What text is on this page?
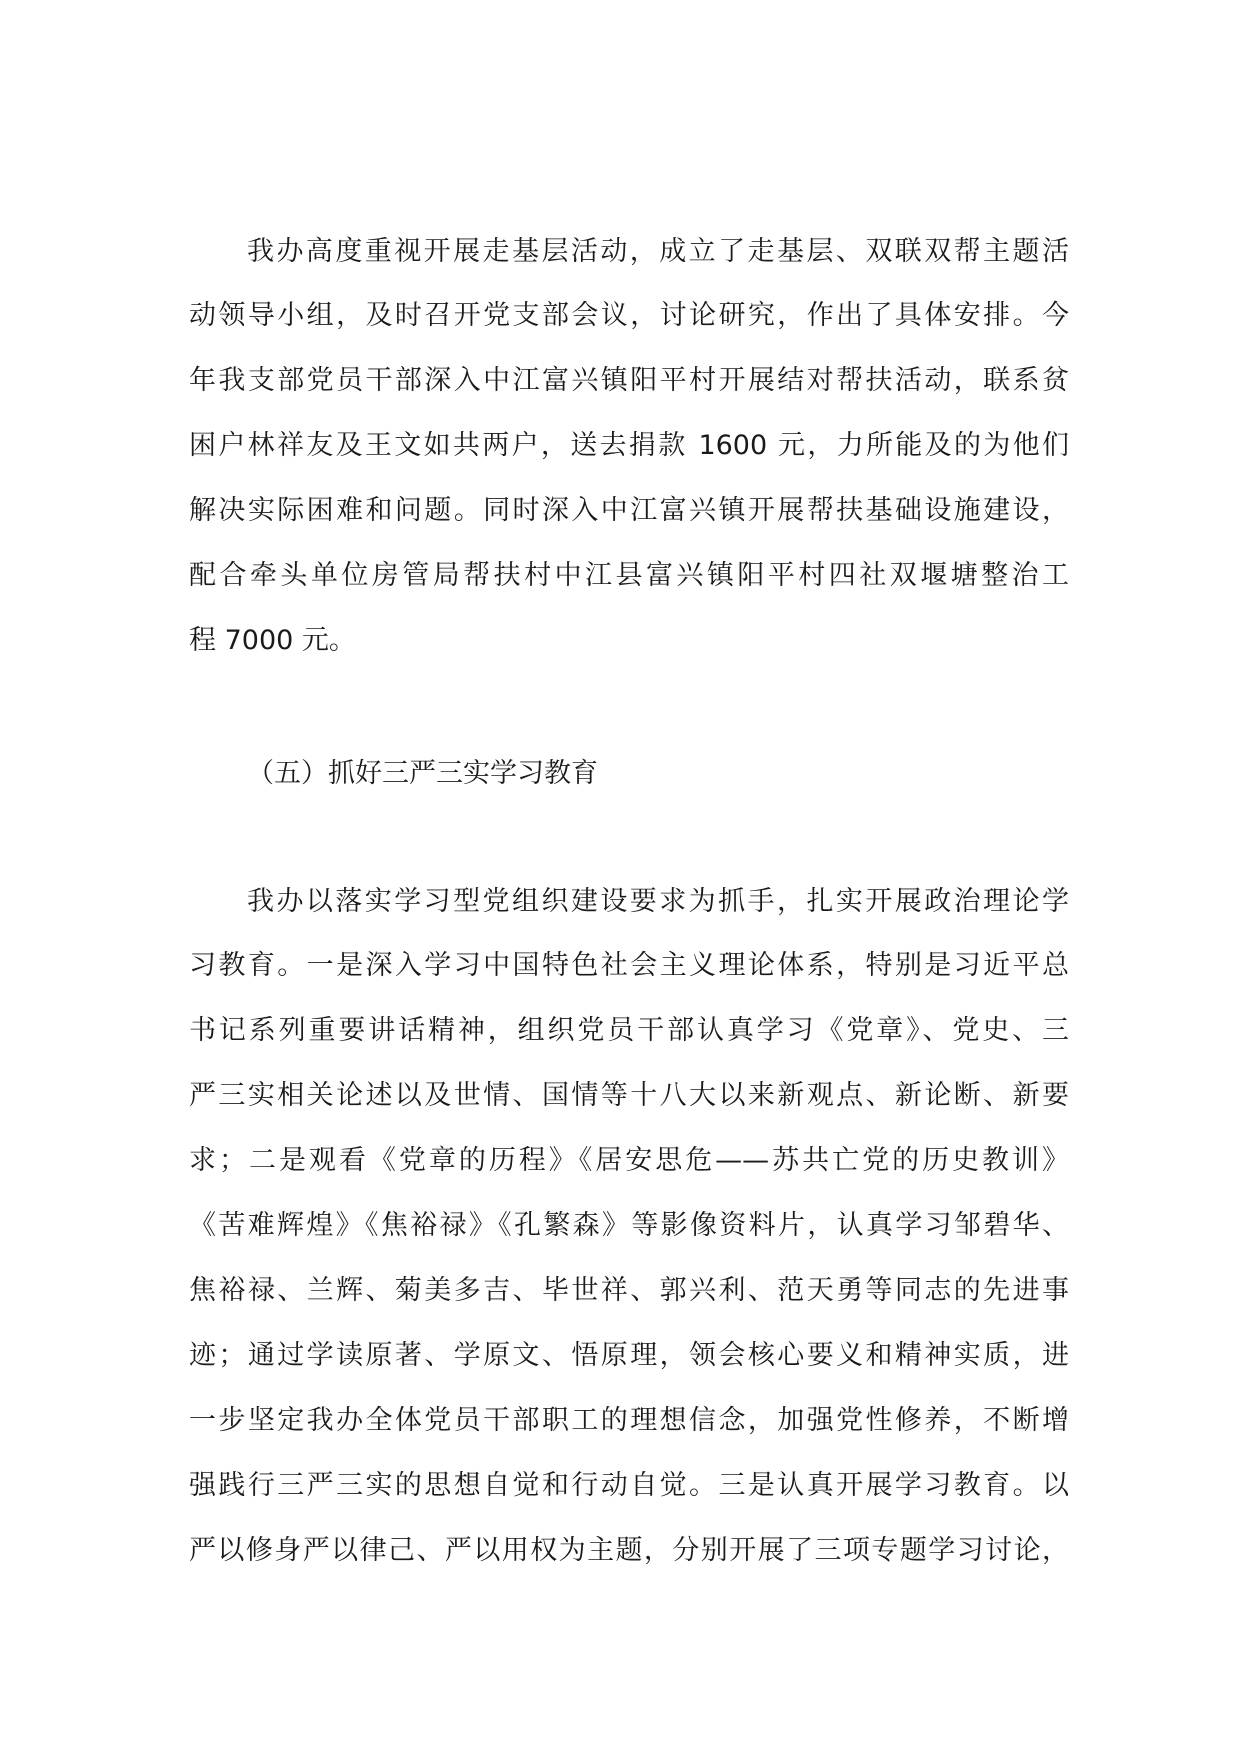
我办高度重视开展走基层活动，成立了走基层、双联双帮主题活
动领导小组，及时召开党支部会议，讨论研究，作出了具体安排。今
年我支部党员干部深入中江富兴镇阳平村开展结对帮扶活动，联系贫
困户林祥友及王文如共两户，送去捐款 1600 元，力所能及的为他们
解决实际困难和问题。同时深入中江富兴镇开展帮扶基础设施建设，
配合牵头单位房管局帮扶村中江县富兴镇阳平村四社双堰塘整治工
程 7000 元。
（五）抓好三严三实学习教育
我办以落实学习型党组织建设要求为抓手，扎实开展政治理论学
习教育。一是深入学习中国特色社会主义理论体系，特别是习近平总
书记系列重要讲话精神，组织党员干部认真学习《党章》、党史、三
严三实相关论述以及世情、国情等十八大以来新观点、新论断、新要
求；二是观看《党章的历程》《居安思危——苏共亡党的历史教训》
《苦难辉煌》《焦裕禄》《孔繁森》等影像资料片，认真学习邹碧华、
焦裕禄、兰辉、菊美多吉、毕世祥、郭兴利、范天勇等同志的先进事
迹；通过学读原著、学原文、悟原理，领会核心要义和精神实质，进
一步坚定我办全体党员干部职工的理想信念，加强党性修养，不断增
强践行三严三实的思想自觉和行动自觉。三是认真开展学习教育。以
严以修身严以律己、严以用权为主题，分别开展了三项专题学习讨论，
